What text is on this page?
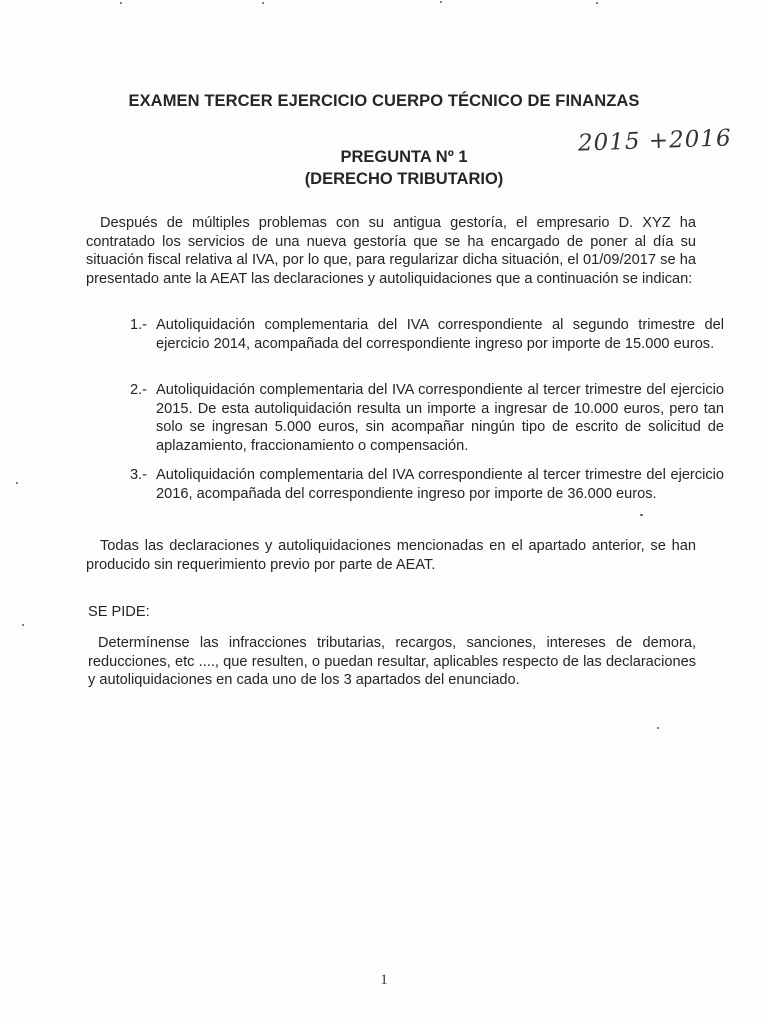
EXAMEN TERCER EJERCICIO CUERPO TÉCNICO DE FINANZAS
2015 +2016
PREGUNTA Nº 1
(DERECHO TRIBUTARIO)
Después de múltiples problemas con su antigua gestoría, el empresario D. XYZ ha contratado los servicios de una nueva gestoría que se ha encargado de poner al día su situación fiscal relativa al IVA, por lo que, para regularizar dicha situación, el 01/09/2017 se ha presentado ante la AEAT las declaraciones y autoliquidaciones que a continuación se indican:
1.- Autoliquidación complementaria del IVA correspondiente al segundo trimestre del ejercicio 2014, acompañada del correspondiente ingreso por importe de 15.000 euros.
2.- Autoliquidación complementaria del IVA correspondiente al tercer trimestre del ejercicio 2015. De esta autoliquidación resulta un importe a ingresar de 10.000 euros, pero tan solo se ingresan 5.000 euros, sin acompañar ningún tipo de escrito de solicitud de aplazamiento, fraccionamiento o compensación.
3.- Autoliquidación complementaria del IVA correspondiente al tercer trimestre del ejercicio 2016, acompañada del correspondiente ingreso por importe de 36.000 euros.
Todas las declaraciones y autoliquidaciones mencionadas en el apartado anterior, se han producido sin requerimiento previo por parte de AEAT.
SE PIDE:
Determínense las infracciones tributarias, recargos, sanciones, intereses de demora, reducciones, etc ...., que resulten, o puedan resultar, aplicables respecto de las declaraciones y autoliquidaciones en cada uno de los 3 apartados del enunciado.
1
